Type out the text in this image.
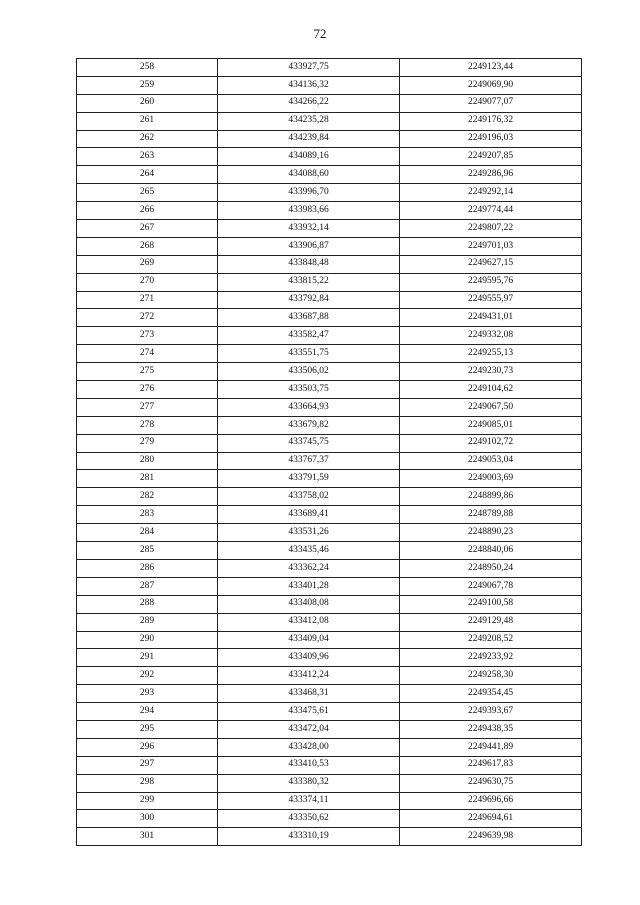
72
258	433927,75	2249123,44
259	434136,32	2249069,90
260	434266,22	2249077,07
261	434235,28	2249176,32
262	434239,84	2249196,03
263	434089,16	2249207,85
264	434088,60	2249286,96
265	433996,70	2249292,14
266	433983,66	2249774,44
267	433932,14	2249807,22
268	433906,87	2249701,03
269	433848,48	2249627,15
270	433815,22	2249595,76
271	433792,84	2249555,97
272	433687,88	2249431,01
273	433582,47	2249332,08
274	433551,75	2249255,13
275	433506,02	2249230,73
276	433503,75	2249104,62
277	433664,93	2249067,50
278	433679,82	2249085,01
279	433745,75	2249102,72
280	433767,37	2249053,04
281	433791,59	2249003,69
282	433758,02	2248899,86
283	433689,41	2248789,88
284	433531,26	2248890,23
285	433435,46	2248840,06
286	433362,24	2248950,24
287	433401,28	2249067,78
288	433408,08	2249100,58
289	433412,08	2249129,48
290	433409,04	2249208,52
291	433409,96	2249233,92
292	433412,24	2249258,30
293	433468,31	2249354,45
294	433475,61	2249393,67
295	433472,04	2249438,35
296	433428,00	2249441,89
297	433410,53	2249617,83
298	433380,32	2249630,75
299	433374,11	2249696,66
300	433350,62	2249694,61
301	433310,19	2249639,98
